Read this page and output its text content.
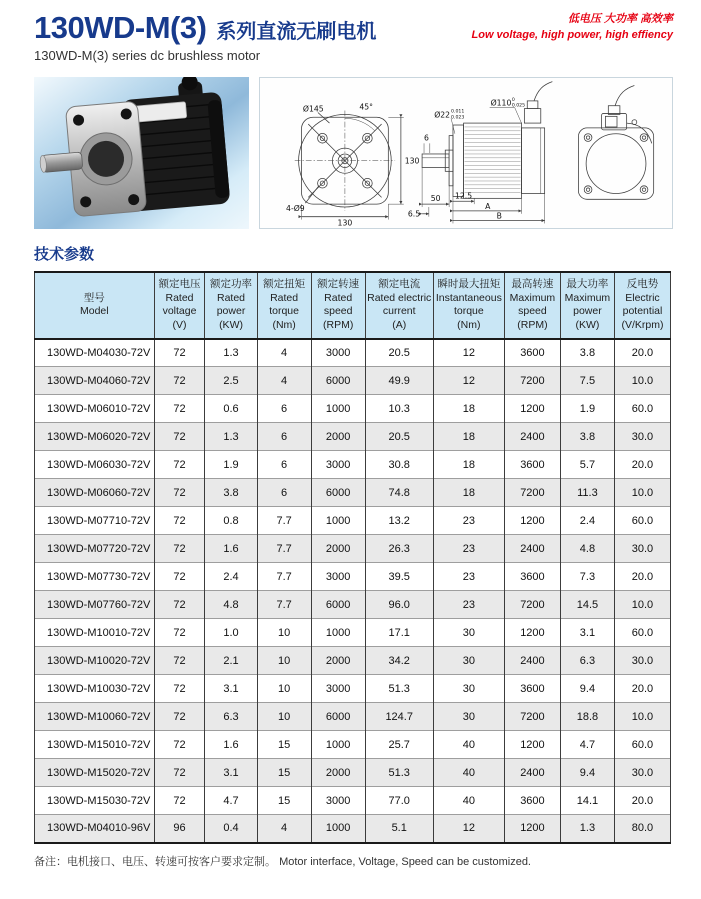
130WD-M(3) 系列直流无刷电机
130WD-M(3) series dc brushless motor
低电压 大功率 高效率
Low voltage, high power, high effiency
Ø145	45°
130
130
4-Ø9
6
Ø22 0.011
0.023
Ø110 0
0.025
50
6.5
12.5
A
B
技术参数
型号
Model

额定电压
Rated voltage
(V)

额定功率
Rated power
(KW)

额定扭矩
Rated torque
(Nm)

额定转速
Rated speed
(RPM)

额定电流
Rated electric current
(A)

瞬时最大扭矩
Instantaneous torque
(Nm)

最高转速
Maximum speed
(RPM)

最大功率
Maximum power
(KW)

反电势
Electric potential
(V/Krpm)

130WD-M04030-72V	72	1.3	4	3000	20.5	12	3600	3.8	20.0
130WD-M04060-72V	72	2.5	4	6000	49.9	12	7200	7.5	10.0
130WD-M06010-72V	72	0.6	6	1000	10.3	18	1200	1.9	60.0
130WD-M06020-72V	72	1.3	6	2000	20.5	18	2400	3.8	30.0
130WD-M06030-72V	72	1.9	6	3000	30.8	18	3600	5.7	20.0
130WD-M06060-72V	72	3.8	6	6000	74.8	18	7200	11.3	10.0
130WD-M07710-72V	72	0.8	7.7	1000	13.2	23	1200	2.4	60.0
130WD-M07720-72V	72	1.6	7.7	2000	26.3	23	2400	4.8	30.0
130WD-M07730-72V	72	2.4	7.7	3000	39.5	23	3600	7.3	20.0
130WD-M07760-72V	72	4.8	7.7	6000	96.0	23	7200	14.5	10.0
130WD-M10010-72V	72	1.0	10	1000	17.1	30	1200	3.1	60.0
130WD-M10020-72V	72	2.1	10	2000	34.2	30	2400	6.3	30.0
130WD-M10030-72V	72	3.1	10	3000	51.3	30	3600	9.4	20.0
130WD-M10060-72V	72	6.3	10	6000	124.7	30	7200	18.8	10.0
130WD-M15010-72V	72	1.6	15	1000	25.7	40	1200	4.7	60.0
130WD-M15020-72V	72	3.1	15	2000	51.3	40	2400	9.4	30.0
130WD-M15030-72V	72	4.7	15	3000	77.0	40	3600	14.1	20.0
130WD-M04010-96V	96	0.4	4	1000	5.1	12	1200	1.3	80.0
备注：电机接口、电压、转速可按客户要求定制。 Motor interface, Voltage, Speed can be customized.
